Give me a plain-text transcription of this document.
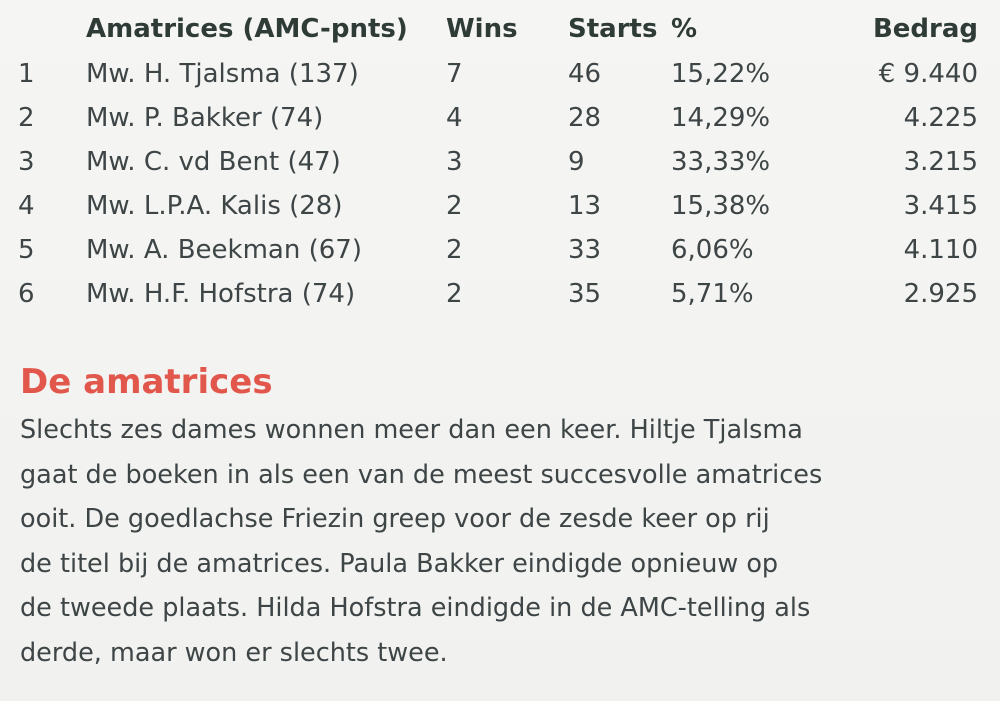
	Amatrices (AMC-pnts)	Wins	Starts	%	Bedrag
1	Mw. H. Tjalsma (137)	7	46	15,22%	€ 9.440
2	Mw. P. Bakker (74)	4	28	14,29%	4.225
3	Mw. C. vd Bent (47)	3	9	33,33%	3.215
4	Mw. L.P.A. Kalis (28)	2	13	15,38%	3.415
5	Mw. A. Beekman (67)	2	33	6,06%	4.110
6	Mw. H.F. Hofstra (74)	2	35	5,71%	2.925
De amatrices

Slechts zes dames wonnen meer dan een keer. Hiltje Tjalsma
gaat de boeken in als een van de meest succesvolle amatrices
ooit. De goedlachse Friezin greep voor de zesde keer op rij
de titel bij de amatrices. Paula Bakker eindigde opnieuw op
de tweede plaats. Hilda Hofstra eindigde in de AMC-telling als
derde, maar won er slechts twee.
